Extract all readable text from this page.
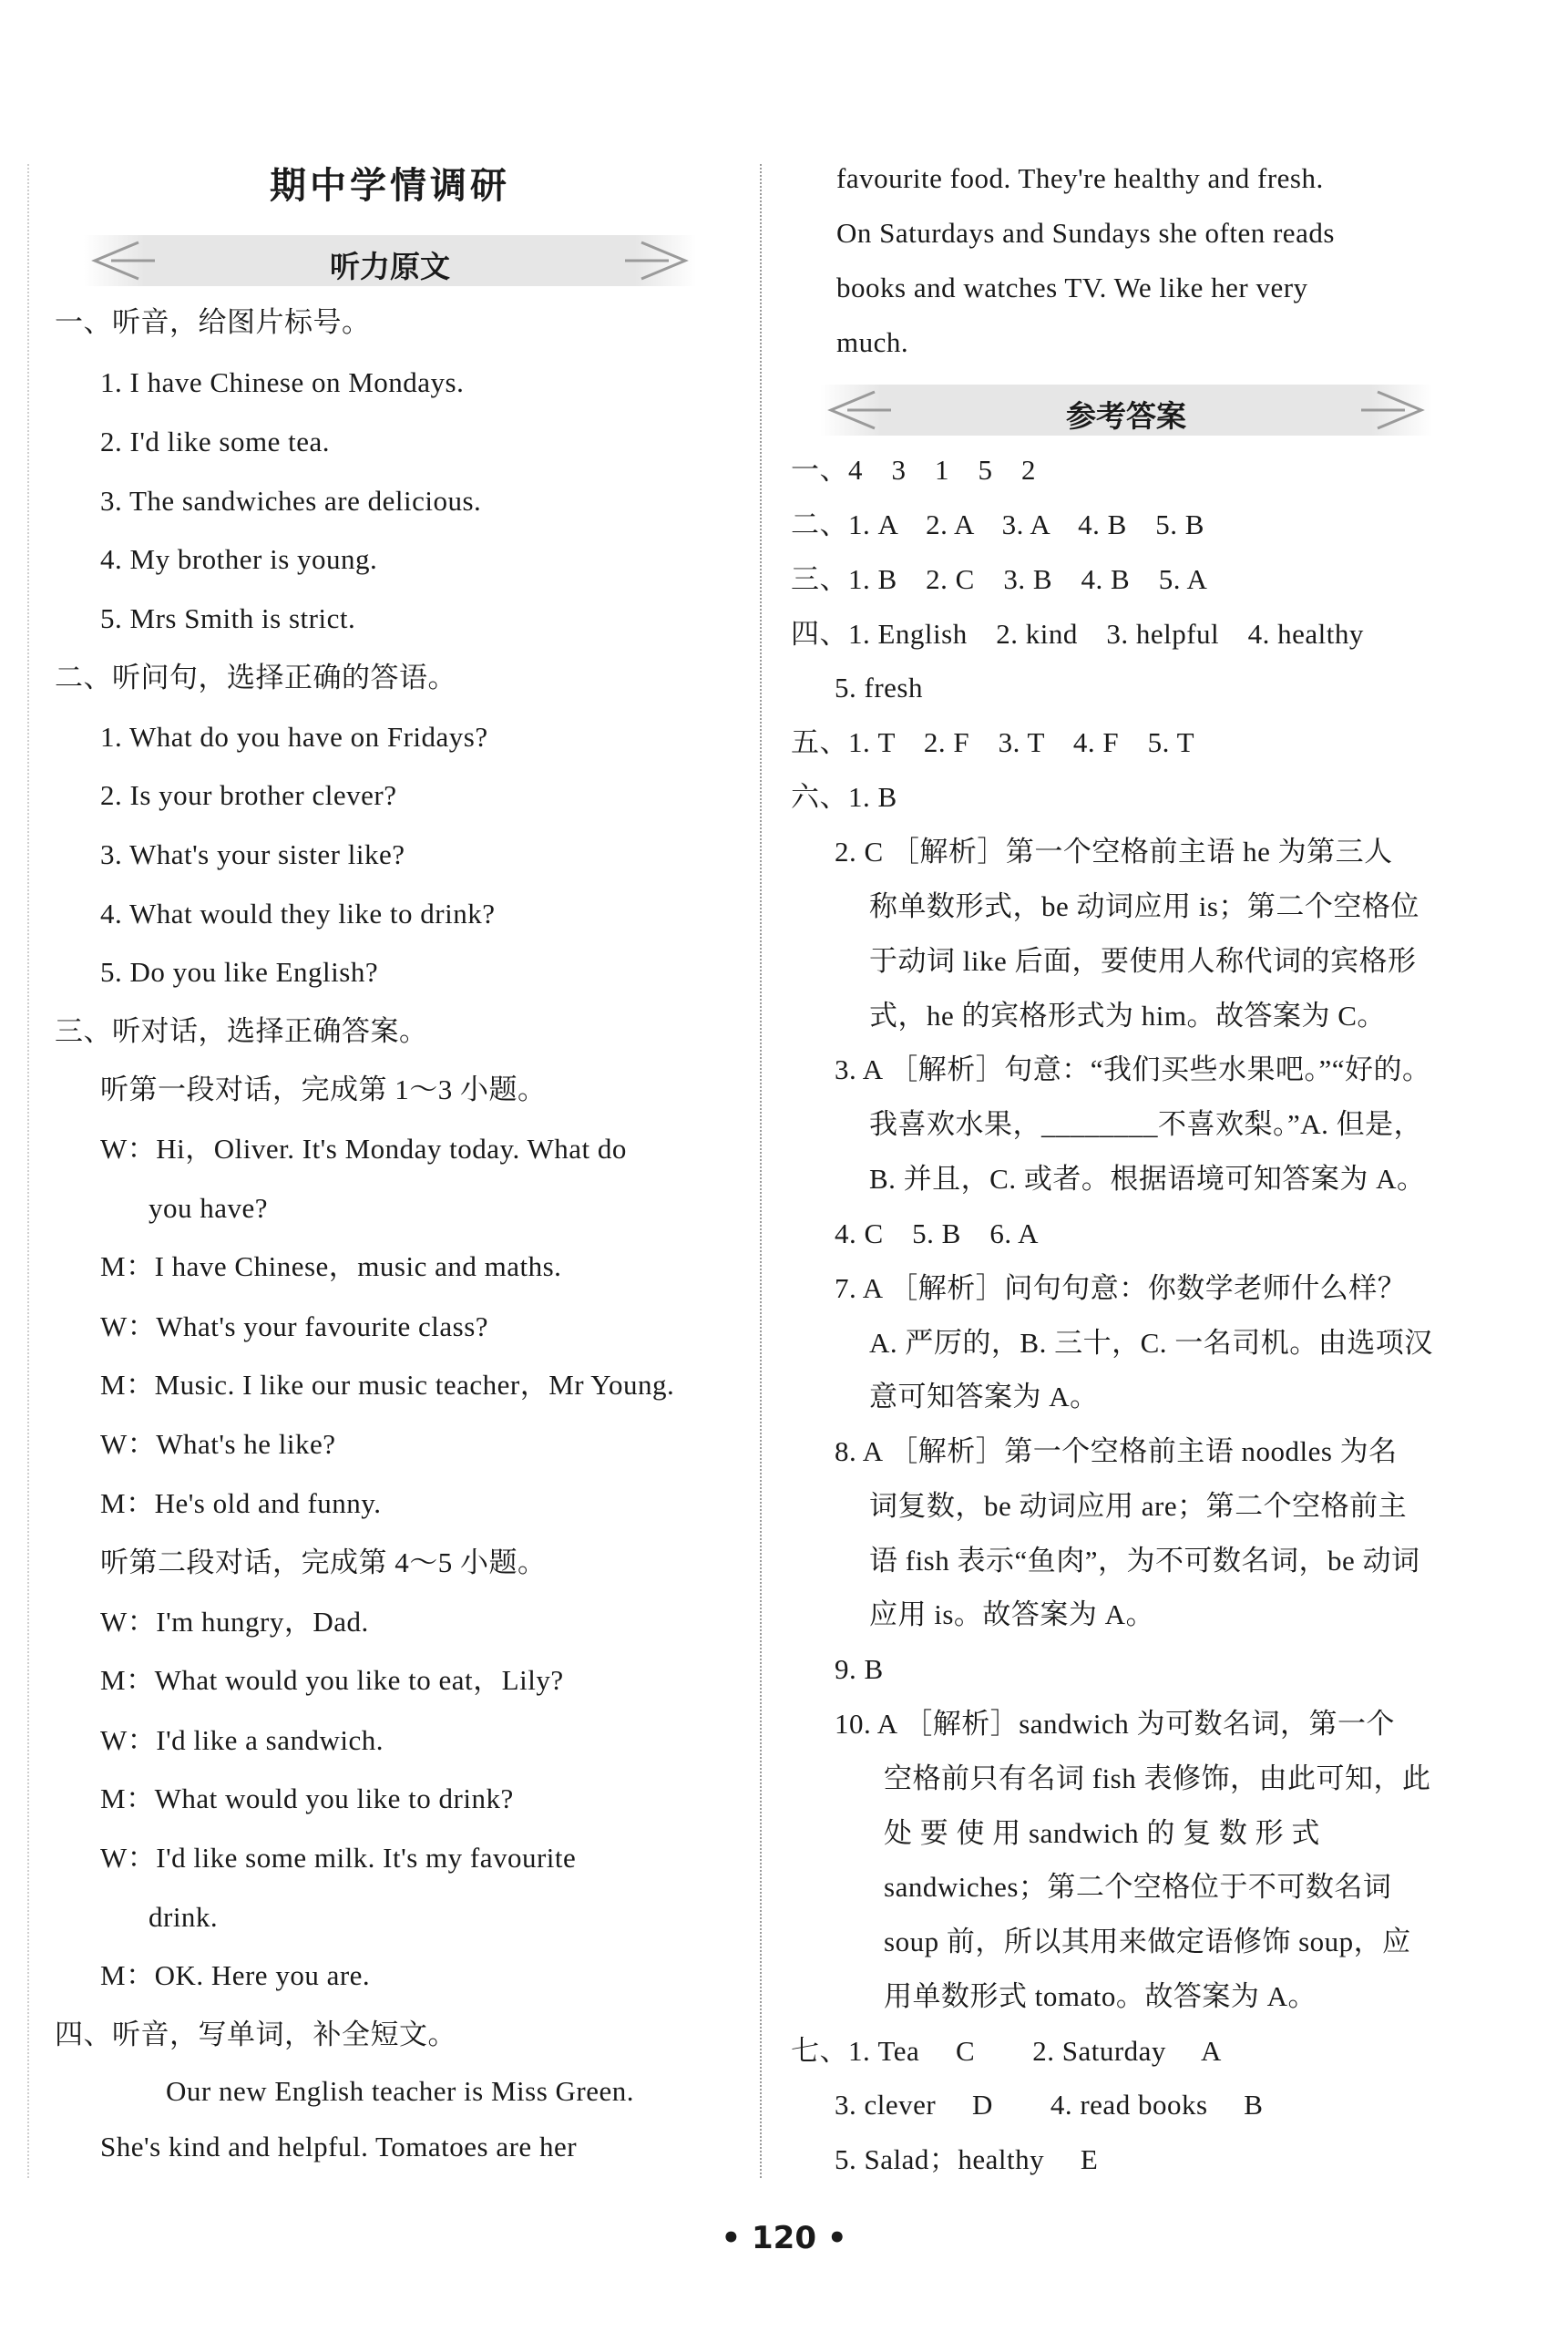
期中学情调研
听力原文
参考答案
一、听音，给图片标号。
1. I have Chinese on Mondays.
2. I'd like some tea.
3. The sandwiches are delicious.
4. My brother is young.
5. Mrs Smith is strict.
二、听问句，选择正确的答语。
1. What do you have on Fridays?
2. Is your brother clever?
3. What's your sister like?
4. What would they like to drink?
5. Do you like English?
三、听对话，选择正确答案。
听第一段对话，完成第 1～3 小题。
W：Hi，Oliver. It's Monday today. What do
you have?
M：I have Chinese，music and maths.
W：What's your favourite class?
M：Music. I like our music teacher，Mr Young.
W：What's he like?
M：He's old and funny.
听第二段对话，完成第 4～5 小题。
W：I'm hungry，Dad.
M：What would you like to eat，Lily?
W：I'd like a sandwich.
M：What would you like to drink?
W：I'd like some milk. It's my favourite
drink.
M：OK. Here you are.
四、听音，写单词，补全短文。
Our new English teacher is Miss Green.
She's kind and helpful. Tomatoes are her
favourite food. They're healthy and fresh.
On Saturdays and Sundays she often reads
books and watches TV. We like her very
much.
一、4　3　1　5　2
二、1. A　2. A　3. A　4. B　5. B
三、1. B　2. C　3. B　4. B　5. A
四、1. English　2. kind　3. helpful　4. healthy
5. fresh
五、1. T　2. F　3. T　4. F　5. T
六、1. B
2. C ［解析］第一个空格前主语 he 为第三人
称单数形式，be 动词应用 is；第二个空格位
于动词 like 后面，要使用人称代词的宾格形
式，he 的宾格形式为 him。故答案为 C。
3. A ［解析］句意：“我们买些水果吧。”“好的。
我喜欢水果，________不喜欢梨。”A. 但是，
B. 并且，C. 或者。根据语境可知答案为 A。
4. C　5. B　6. A
7. A ［解析］问句句意：你数学老师什么样？
A. 严厉的，B. 三十，C. 一名司机。由选项汉
意可知答案为 A。
8. A ［解析］第一个空格前主语 noodles 为名
词复数，be 动词应用 are；第二个空格前主
语 fish 表示“鱼肉”，为不可数名词，be 动词
应用 is。故答案为 A。
9. B
10. A ［解析］sandwich 为可数名词，第一个
空格前只有名词 fish 表修饰，由此可知，此
处 要 使 用 sandwich 的 复 数 形 式
sandwiches；第二个空格位于不可数名词
soup 前，所以其用来做定语修饰 soup，应
用单数形式 tomato。故答案为 A。
七、1. Tea　 C　　2. Saturday　 A
3. clever　 D　　4. read books　 B
5. Salad；healthy　 E
• 120 •
